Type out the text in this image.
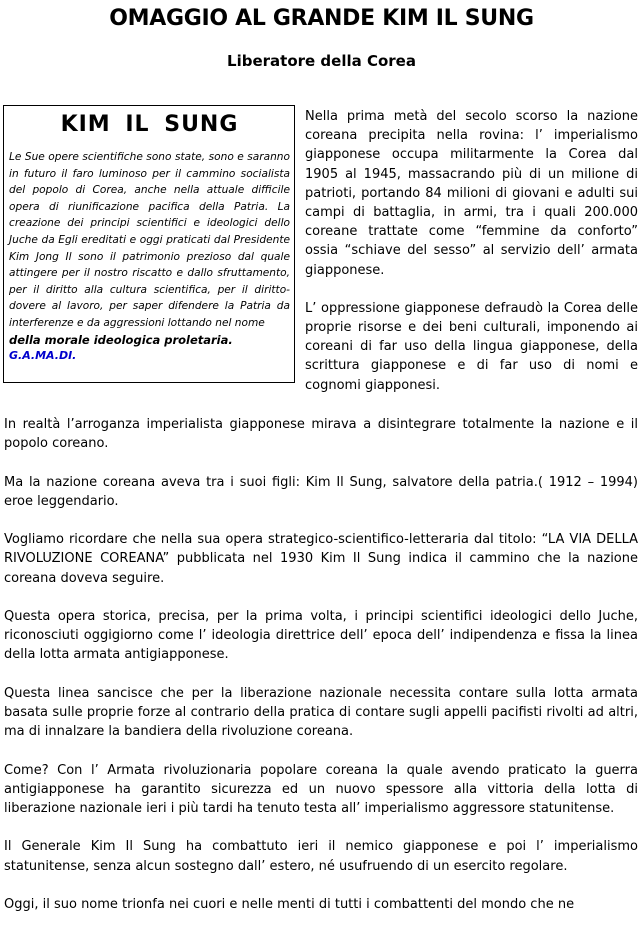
OMAGGIO AL GRANDE KIM IL SUNG
Liberatore della Corea
KIM IL SUNG

Le Sue opere scientifiche sono state, sono e saranno in futuro il faro luminoso per il cammino socialista del popolo di Corea, anche nella attuale difficile opera di riunificazione pacifica della Patria. La creazione dei principi scientifici e ideologici dello Juche da Egli ereditati e oggi praticati dal Presidente Kim Jong Il sono il patrimonio prezioso dal quale attingere per il nostro riscatto e dallo sfruttamento, per il diritto alla cultura scientifica, per il diritto-dovere al lavoro, per saper difendere la Patria da interferenze e da aggressioni lottando nel nome

della morale ideologica proletaria.

G.A.MA.DI.

Nella prima metà del secolo scorso la nazione coreana precipita nella rovina: l’ imperialismo giapponese occupa militarmente la Corea dal 1905 al 1945, massacrando più di un milione di patrioti, portando 84 milioni di giovani e adulti sui campi di battaglia, in armi, tra i quali 200.000 coreane trattate come “femmine da conforto” ossia “schiave del sesso” al servizio dell’ armata giapponese.

L’ oppressione giapponese defraudò la Corea delle proprie risorse e dei beni culturali, imponendo ai coreani di far uso della lingua giapponese, della scrittura giapponese e di far uso di nomi e cognomi giapponesi.

In realtà l’arroganza imperialista giapponese mirava a disintegrare totalmente la nazione e il popolo coreano.

Ma la nazione coreana aveva tra i suoi figli: Kim Il Sung, salvatore della patria.( 1912 – 1994) eroe leggendario.

Vogliamo ricordare che nella sua opera strategico-scientifico-letteraria dal titolo: “LA VIA DELLA RIVOLUZIONE COREANA” pubblicata nel 1930 Kim Il Sung indica il cammino che la nazione coreana doveva seguire.

Questa opera storica, precisa, per la prima volta, i principi scientifici ideologici dello Juche, riconosciuti oggigiorno come l’ ideologia direttrice dell’ epoca dell’ indipendenza e fissa la linea della lotta armata antigiapponese.

Questa linea sancisce che per la liberazione nazionale necessita contare sulla lotta armata basata sulle proprie forze al contrario della pratica di contare sugli appelli pacifisti rivolti ad altri, ma di innalzare la bandiera della rivoluzione coreana.

Come? Con l’ Armata rivoluzionaria popolare coreana la quale avendo praticato la guerra antigiapponese ha garantito sicurezza ed un nuovo spessore alla vittoria della lotta di liberazione nazionale ieri i più tardi ha tenuto testa all’ imperialismo aggressore statunitense.

Il Generale Kim Il Sung ha combattuto ieri il nemico giapponese e poi l’ imperialismo statunitense, senza alcun sostegno dall’ estero, né usufruendo di un esercito regolare.

Oggi, il suo nome trionfa nei cuori e nelle menti di tutti i combattenti del mondo che ne
